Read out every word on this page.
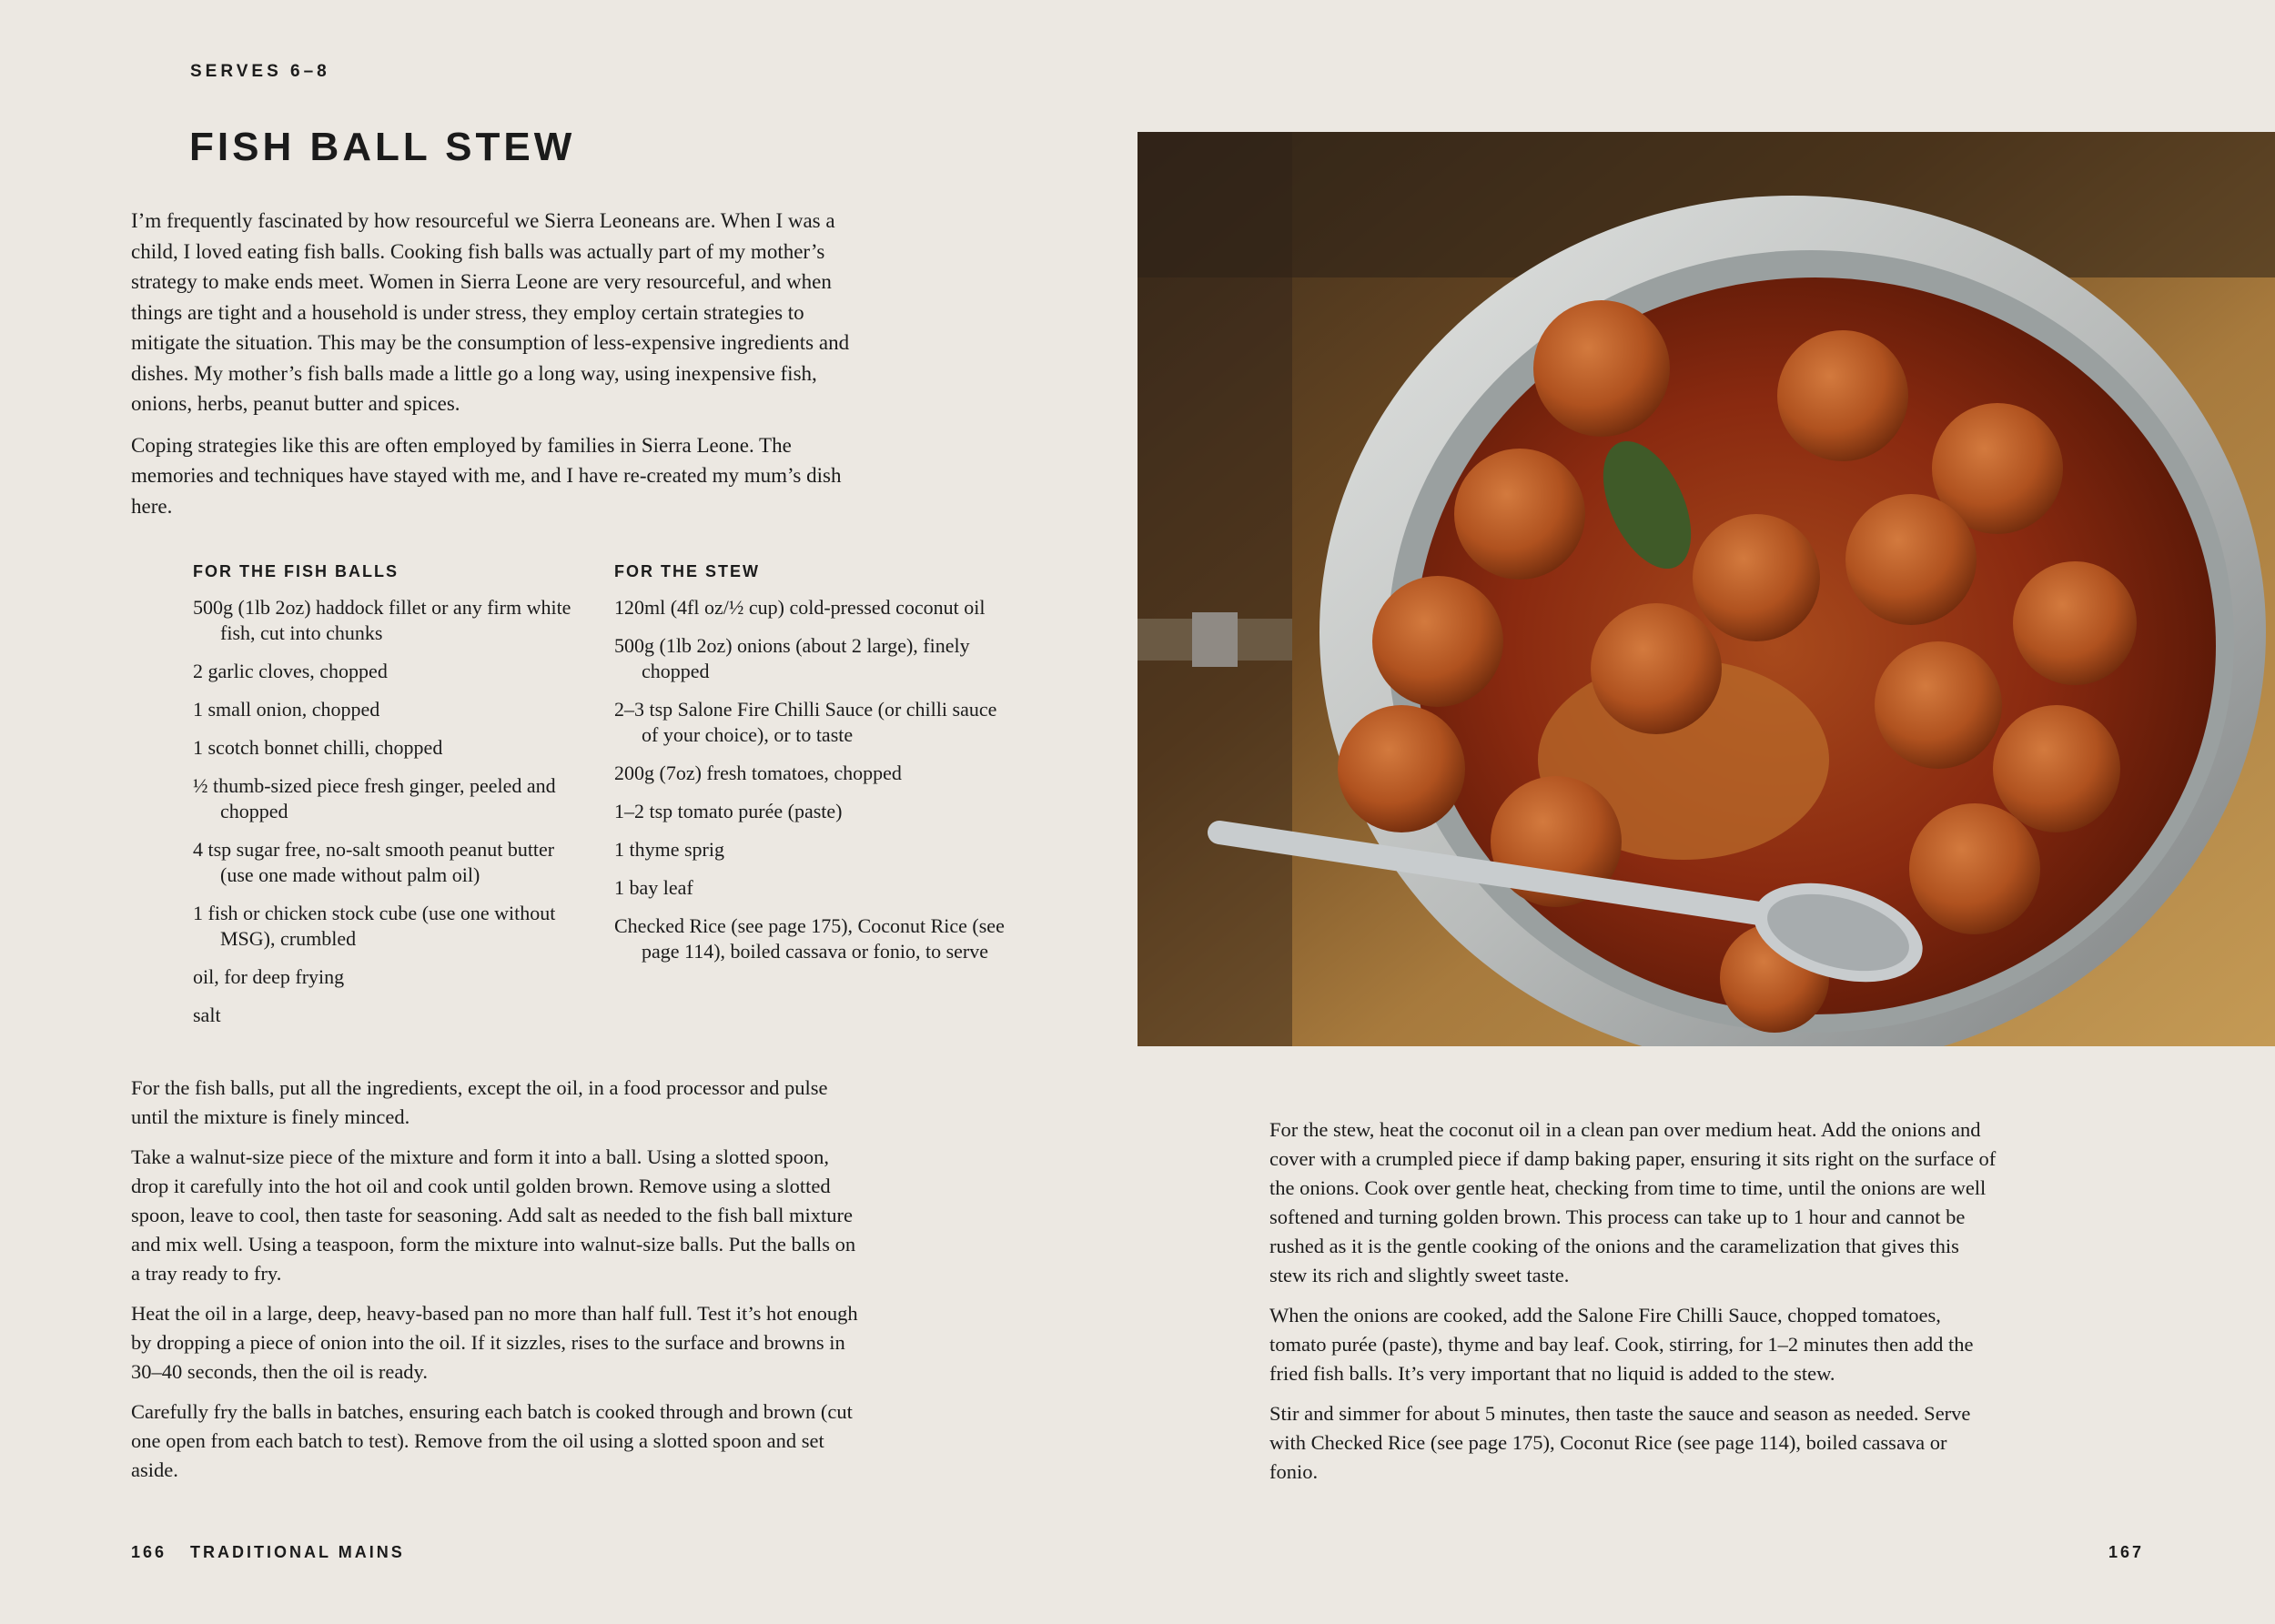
SERVES 6–8

FISH BALL STEW

I’m frequently fascinated by how resourceful we Sierra Leoneans are. When I was a child, I loved eating fish balls. Cooking fish balls was actually part of my mother’s strategy to make ends meet. Women in Sierra Leone are very resourceful, and when things are tight and a household is under stress, they employ certain strategies to mitigate the situation. This may be the consumption of less-expensive ingredients and dishes. My mother’s fish balls made a little go a long way, using inexpensive fish, onions, herbs, peanut butter and spices.

Coping strategies like this are often employed by families in Sierra Leone. The memories and techniques have stayed with me, and I have re-created my mum’s dish here.

FOR THE FISH BALLS
500g (1lb 2oz) haddock fillet or any firm white fish, cut into chunks
2 garlic cloves, chopped
1 small onion, chopped
1 scotch bonnet chilli, chopped
½ thumb-sized piece fresh ginger, peeled and chopped
4 tsp sugar free, no-salt smooth peanut butter (use one made without palm oil)
1 fish or chicken stock cube (use one without MSG), crumbled
oil, for deep frying
salt
FOR THE STEW
120ml (4fl oz/½ cup) cold-pressed coconut oil
500g (1lb 2oz) onions (about 2 large), finely chopped
2–3 tsp Salone Fire Chilli Sauce (or chilli sauce of your choice), or to taste
200g (7oz) fresh tomatoes, chopped
1–2 tsp tomato purée (paste)
1 thyme sprig
1 bay leaf
Checked Rice (see page 175), Coconut Rice (see page 114), boiled cassava or fonio, to serve

For the fish balls, put all the ingredients, except the oil, in a food processor and pulse until the mixture is finely minced.

Take a walnut-size piece of the mixture and form it into a ball. Using a slotted spoon, drop it carefully into the hot oil and cook until golden brown. Remove using a slotted spoon, leave to cool, then taste for seasoning. Add salt as needed to the fish ball mixture and mix well. Using a teaspoon, form the mixture into walnut-size balls. Put the balls on a tray ready to fry.

Heat the oil in a large, deep, heavy-based pan no more than half full. Test it’s hot enough by dropping a piece of onion into the oil. If it sizzles, rises to the surface and browns in 30–40 seconds, then the oil is ready.

Carefully fry the balls in batches, ensuring each batch is cooked through and brown (cut one open from each batch to test). Remove from the oil using a slotted spoon and set aside.

166 TRADITIONAL MAINS

For the stew, heat the coconut oil in a clean pan over medium heat. Add the onions and cover with a crumpled piece if damp baking paper, ensuring it sits right on the surface of the onions. Cook over gentle heat, checking from time to time, until the onions are well softened and turning golden brown. This process can take up to 1 hour and cannot be rushed as it is the gentle cooking of the onions and the caramelization that gives this stew its rich and slightly sweet taste.

When the onions are cooked, add the Salone Fire Chilli Sauce, chopped tomatoes, tomato purée (paste), thyme and bay leaf. Cook, stirring, for 1–2 minutes then add the fried fish balls. It’s very important that no liquid is added to the stew.

Stir and simmer for about 5 minutes, then taste the sauce and season as needed. Serve with Checked Rice (see page 175), Coconut Rice (see page 114), boiled cassava or fonio.

167
